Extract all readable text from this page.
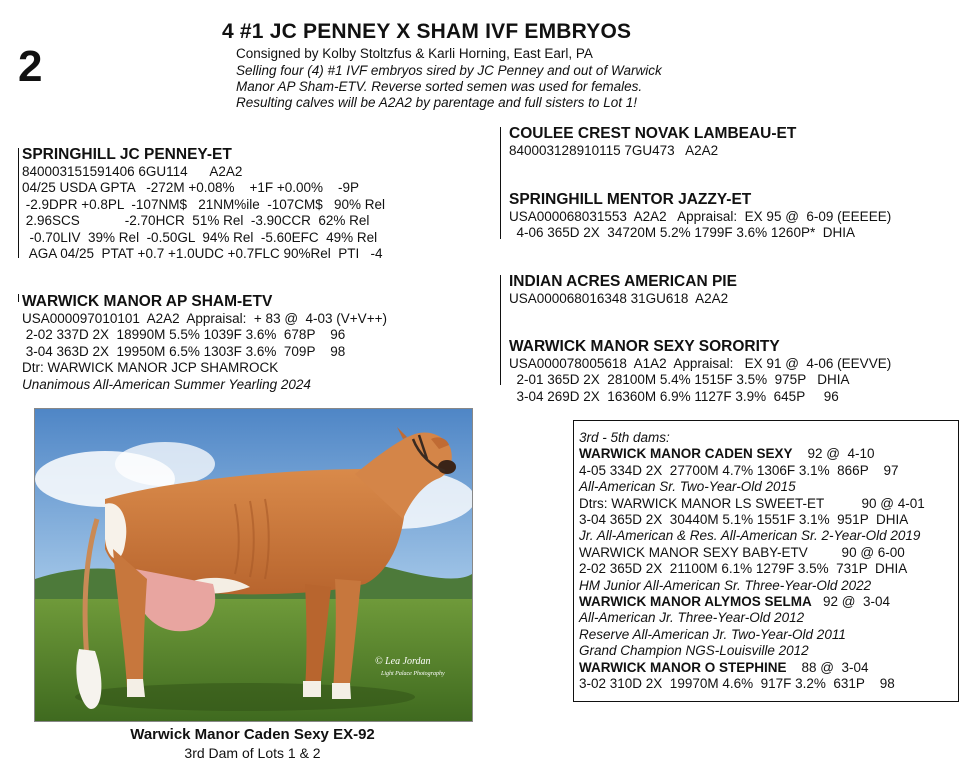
2
4 #1 JC PENNEY X SHAM IVF EMBRYOS
Consigned by Kolby Stoltzfus & Karli Horning, East Earl, PA
Selling four (4) #1 IVF embryos sired by JC Penney and out of Warwick
Manor AP Sham-ETV. Reverse sorted semen was used for females.
Resulting calves will be A2A2 by parentage and full sisters to Lot 1!
SPRINGHILL JC PENNEY-ET
840003151591406 6GU114      A2A2
04/25 USDA GPTA   -272M +0.08%    +1F +0.00%    -9P
-2.9DPR +0.8PL  -107NM$   21NM%ile  -107CM$   90% Rel
2.96SCS            -2.70HCR  51% Rel  -3.90CCR  62% Rel
-0.70LIV  39% Rel  -0.50GL  94% Rel  -5.60EFC  49% Rel
AGA 04/25  PTAT +0.7 +1.0UDC +0.7FLC 90%Rel  PTI   -4
WARWICK MANOR AP SHAM-ETV
USA000097010101  A2A2  Appraisal:  + 83 @  4-03 (V+V++)
2-02 337D 2X  18990M 5.5% 1039F 3.6%  678P    96
3-04 363D 2X  19950M 6.5% 1303F 3.6%  709P    98
Dtr: WARWICK MANOR JCP SHAMROCK
Unanimous All-American Summer Yearling 2024
COULEE CREST NOVAK LAMBEAU-ET
840003128910115 7GU473   A2A2
SPRINGHILL MENTOR JAZZY-ET
USA000068031553  A2A2   Appraisal:  EX 95 @  6-09 (EEEEE)
4-06 365D 2X  34720M 5.2% 1799F 3.6% 1260P*  DHIA
INDIAN ACRES AMERICAN PIE
USA000068016348 31GU618  A2A2
WARWICK MANOR SEXY SORORITY
USA000078005618  A1A2  Appraisal:   EX 91 @  4-06 (EEVVE)
2-01 365D 2X  28100M 5.4% 1515F 3.5%  975P   DHIA
3-04 269D 2X  16360M 6.9% 1127F 3.9%  645P     96
© Lea Jordan
Light Palace Photography
Warwick Manor Caden Sexy EX-92
3rd Dam of Lots 1 & 2
3rd - 5th dams:
WARWICK MANOR CADEN SEXY    92 @  4-10
4-05 334D 2X  27700M 4.7% 1306F 3.1%  866P    97
All-American Sr. Two-Year-Old 2015
Dtrs: WARWICK MANOR LS SWEET-ET          90 @ 4-01
3-04 365D 2X  30440M 5.1% 1551F 3.1%  951P  DHIA
Jr. All-American & Res. All-American Sr. 2-Year-Old 2019
WARWICK MANOR SEXY BABY-ETV         90 @ 6-00
2-02 365D 2X  21100M 6.1% 1279F 3.5%  731P  DHIA
HM Junior All-American Sr. Three-Year-Old 2022
WARWICK MANOR ALYMOS SELMA   92 @  3-04
All-American Jr. Three-Year-Old 2012
Reserve All-American Jr. Two-Year-Old 2011
Grand Champion NGS-Louisville 2012
WARWICK MANOR O STEPHINE    88 @  3-04
3-02 310D 2X  19970M 4.6%  917F 3.2%  631P    98
